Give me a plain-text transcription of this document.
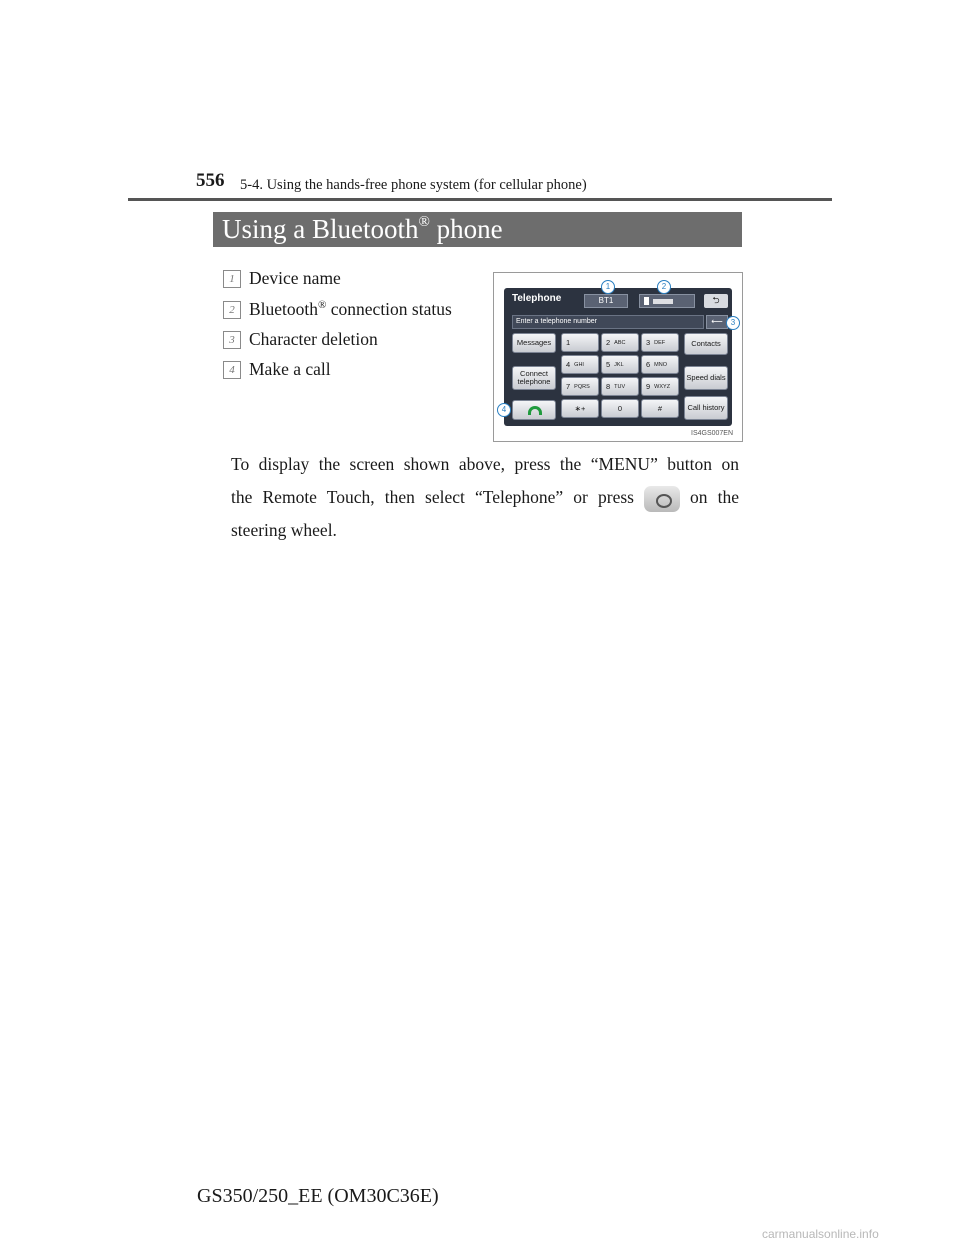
556 5-4. Using the hands-free phone system (for cellular phone)
Using a Bluetooth® phone
1 Device name
2 Bluetooth® connection status
3 Character deletion
4 Make a call
Telephone	BT1	⮌
Enter a telephone number	⟵
Messages
Connect telephone
Contacts
Speed dials
Call history
1	2 ABC	3 DEF
4 GHI	5 JKL	6 MNO
7 PQRS 8 TUV	9 WXYZ
∗+	0	#
1	2
3
4
IS4GS007EN
To display the screen shown above, press the “MENU” button on
the Remote Touch, then select “Telephone” or press	on the
steering wheel.
GS350/250_EE (OM30C36E)
carmanualsonline.info
